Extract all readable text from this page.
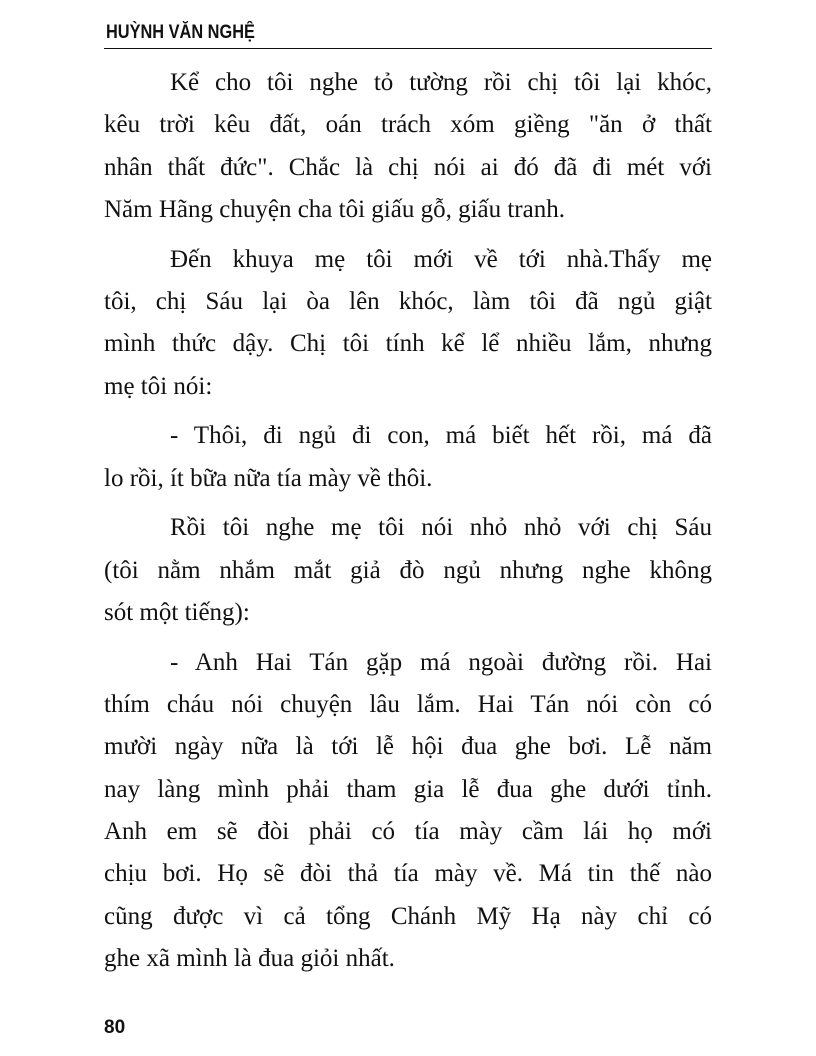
HUỲNH VĂN NGHỆ
Kể cho tôi nghe tỏ tường rồi chị tôi lại khóc,
kêu trời kêu đất, oán trách xóm giềng "ăn ở thất
nhân thất đức". Chắc là chị nói ai đó đã đi mét với
Năm Hãng chuyện cha tôi giấu gỗ, giấu tranh.
Đến khuya mẹ tôi mới về tới nhà.Thấy mẹ
tôi, chị Sáu lại òa lên khóc, làm tôi đã ngủ giật
mình thức dậy. Chị tôi tính kể lể nhiều lắm, nhưng
mẹ tôi nói:
- Thôi, đi ngủ đi con, má biết hết rồi, má đã
lo rồi, ít bữa nữa tía mày về thôi.
Rồi tôi nghe mẹ tôi nói nhỏ nhỏ với chị Sáu
(tôi nằm nhắm mắt giả đò ngủ nhưng nghe không
sót một tiếng):
- Anh Hai Tán gặp má ngoài đường rồi. Hai
thím cháu nói chuyện lâu lắm. Hai Tán nói còn có
mười ngày nữa là tới lễ hội đua ghe bơi. Lễ năm
nay làng mình phải tham gia lễ đua ghe dưới tỉnh.
Anh em sẽ đòi phải có tía mày cầm lái họ mới
chịu bơi. Họ sẽ đòi thả tía mày về. Má tin thế nào
cũng được vì cả tổng Chánh Mỹ Hạ này chỉ có
ghe xã mình là đua giỏi nhất.
80
